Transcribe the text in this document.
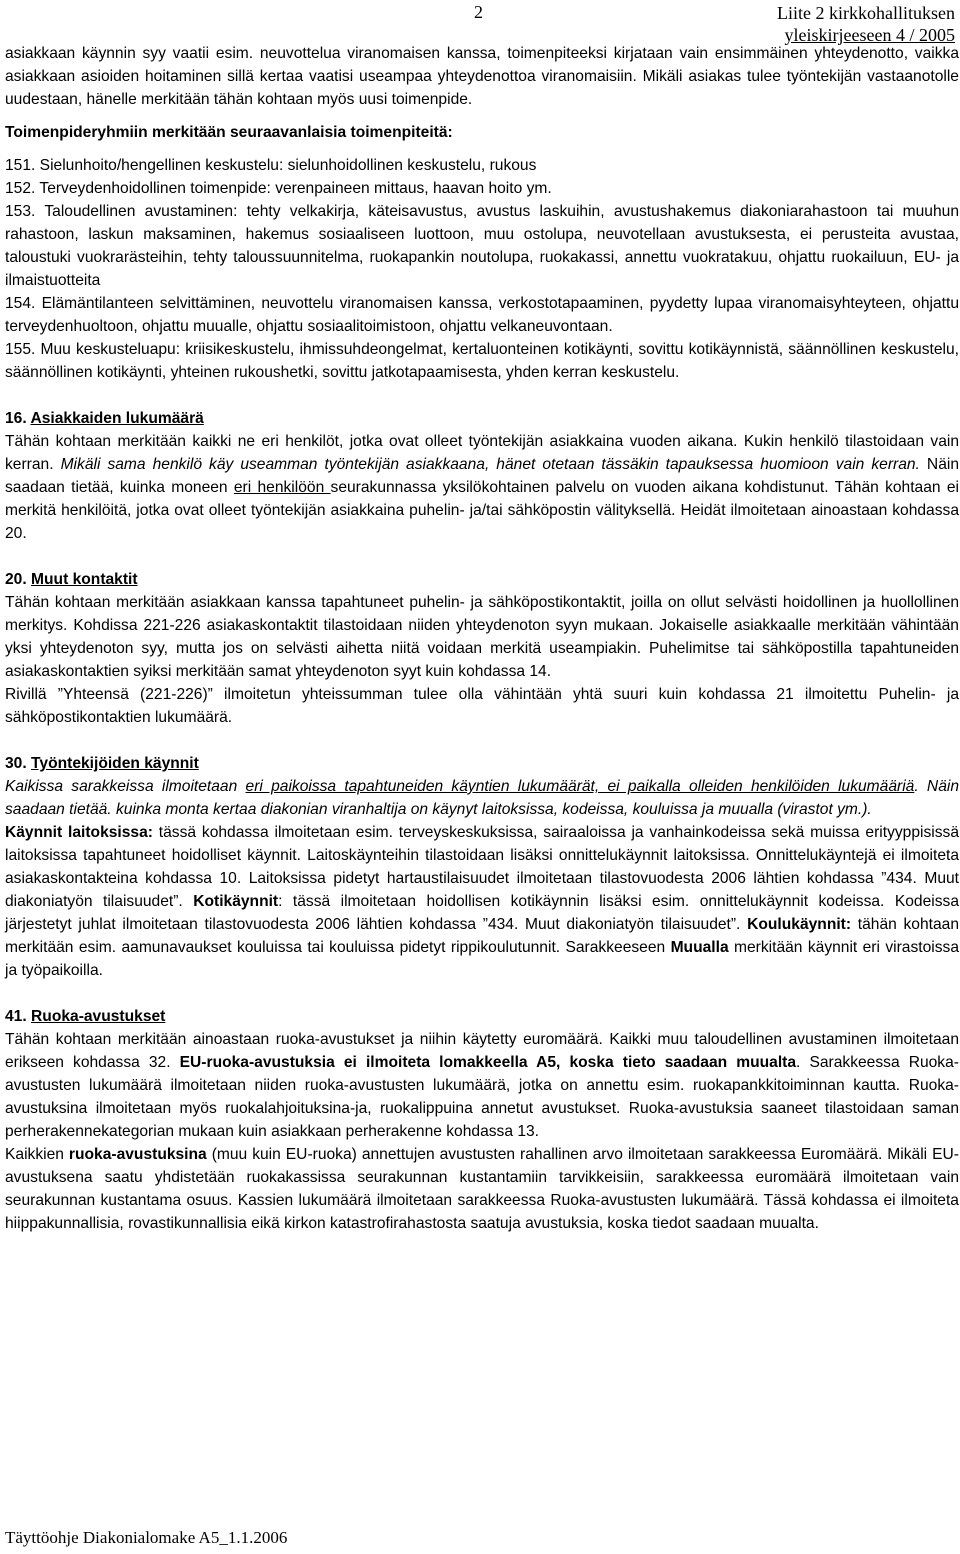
2	Liite 2 kirkkohallituksen
yleiskirjeeseen 4 / 2005

asiakkaan käynnin syy vaatii esim. neuvottelua viranomaisen kanssa, toimenpiteeksi kirjataan vain ensimmäinen yhteydenotto, vaikka asiakkaan asioiden hoitaminen sillä kertaa vaatisi useampaa yhteydenottoa viranomaisiin. Mikäli asiakas tulee työntekijän vastaanotolle uudestaan, hänelle merkitään tähän kohtaan myös uusi toimenpide.

Toimenpideryhmiin merkitään seuraavanlaisia toimenpiteitä:

151. Sielunhoito/hengellinen keskustelu: sielunhoidollinen keskustelu, rukous

152. Terveydenhoidollinen toimenpide: verenpaineen mittaus, haavan hoito ym.

153. Taloudellinen avustaminen: tehty velkakirja, käteisavustus, avustus laskuihin, avustushakemus diakoniarahastoon tai muuhun rahastoon, laskun maksaminen, hakemus sosiaaliseen luottoon, muu ostolupa, neuvotellaan avustuksesta, ei perusteita avustaa, taloustuki vuokrarästeihin, tehty taloussuunnitelma, ruokapankin noutolupa, ruokakassi, annettu vuokratakuu, ohjattu ruokailuun, EU- ja ilmaistuotteita

154. Elämäntilanteen selvittäminen, neuvottelu viranomaisen kanssa, verkostotapaaminen, pyydetty lupaa viranomaisyhteyteen, ohjattu terveydenhuoltoon, ohjattu muualle, ohjattu sosiaalitoimistoon, ohjattu velkaneuvontaan.

155. Muu keskusteluapu: kriisikeskustelu, ihmissuhdeongelmat, kertaluonteinen kotikäynti, sovittu kotikäynnistä, säännöllinen keskustelu, säännöllinen kotikäynti, yhteinen rukoushetki, sovittu jatkotapaamisesta, yhden kerran keskustelu.

16. Asiakkaiden lukumäärä

Tähän kohtaan merkitään kaikki ne eri henkilöt, jotka ovat olleet työntekijän asiakkaina vuoden aikana. Kukin henkilö tilastoidaan vain kerran. Mikäli sama henkilö käy useamman työntekijän asiakkaana, hänet otetaan tässäkin tapauksessa huomioon vain kerran. Näin saadaan tietää, kuinka moneen eri henkilöön seurakunnassa yksilökohtainen palvelu on vuoden aikana kohdistunut. Tähän kohtaan ei merkitä henkilöitä, jotka ovat olleet työntekijän asiakkaina puhelin- ja/tai sähköpostin välityksellä. Heidät ilmoitetaan ainoastaan kohdassa 20.

20. Muut kontaktit

Tähän kohtaan merkitään asiakkaan kanssa tapahtuneet puhelin- ja sähköpostikontaktit, joilla on ollut selvästi hoidollinen ja huollollinen merkitys. Kohdissa 221-226 asiakaskontaktit tilastoidaan niiden yhteydenoton syyn mukaan. Jokaiselle asiakkaalle merkitään vähintään yksi yhteydenoton syy, mutta jos on selvästi aihetta niitä voidaan merkitä useampiakin. Puhelimitse tai sähköpostilla tapahtuneiden asiakaskontaktien syiksi merkitään samat yhteydenoton syyt kuin kohdassa 14.

Rivillä ”Yhteensä (221-226)” ilmoitetun yhteissumman tulee olla vähintään yhtä suuri kuin kohdassa 21 ilmoitettu Puhelin- ja sähköpostikontaktien lukumäärä.

30. Työntekijöiden käynnit

Kaikissa sarakkeissa ilmoitetaan eri paikoissa tapahtuneiden käyntien lukumäärät, ei paikalla olleiden henkilöiden lukumääriä. Näin saadaan tietää. kuinka monta kertaa diakonian viranhaltija on käynyt laitoksissa, kodeissa, kouluissa ja muualla (virastot ym.).

Käynnit laitoksissa: tässä kohdassa ilmoitetaan esim. terveyskeskuksissa, sairaaloissa ja vanhainkodeissa sekä muissa erityyppisissä laitoksissa tapahtuneet hoidolliset käynnit. Laitoskäynteihin tilastoidaan lisäksi onnittelukäynnit laitoksissa. Onnittelukäyntejä ei ilmoiteta asiakaskontakteina kohdassa 10. Laitoksissa pidetyt hartaustilaisuudet ilmoitetaan tilastovuodesta 2006 lähtien kohdassa ”434. Muut diakoniatyön tilaisuudet”. Kotikäynnit: tässä ilmoitetaan hoidollisen kotikäynnin lisäksi esim. onnittelukäynnit kodeissa. Kodeissa järjestetyt juhlat ilmoitetaan tilastovuodesta 2006 lähtien kohdassa ”434. Muut diakoniatyön tilaisuudet”. Koulukäynnit: tähän kohtaan merkitään esim. aamunavaukset kouluissa tai kouluissa pidetyt rippikoulutunnit. Sarakkeeseen Muualla merkitään käynnit eri virastoissa ja työpaikoilla.

41. Ruoka-avustukset

Tähän kohtaan merkitään ainoastaan ruoka-avustukset ja niihin käytetty euromäärä. Kaikki muu taloudellinen avustaminen ilmoitetaan erikseen kohdassa 32. EU-ruoka-avustuksia ei ilmoiteta lomakkeella A5, koska tieto saadaan muualta. Sarakkeessa Ruoka-avustusten lukumäärä ilmoitetaan niiden ruoka-avustusten lukumäärä, jotka on annettu esim. ruokapankkitoiminnan kautta. Ruoka-avustuksina ilmoitetaan myös ruokalahjoituksina-ja, ruokalippuina annetut avustukset. Ruoka-avustuksia saaneet tilastoidaan saman perherakennekategorian mukaan kuin asiakkaan perherakenne kohdassa 13.

Kaikkien ruoka-avustuksina (muu kuin EU-ruoka) annettujen avustusten rahallinen arvo ilmoitetaan sarakkeessa Euromäärä. Mikäli EU-avustuksena saatu yhdistetään ruokakassissa seurakunnan kustantamiin tarvikkeisiin, sarakkeessa euromäärä ilmoitetaan vain seurakunnan kustantama osuus. Kassien lukumäärä ilmoitetaan sarakkeessa Ruoka-avustusten lukumäärä. Tässä kohdassa ei ilmoiteta hiippakunnallisia, rovastikunnallisia eikä kirkon katastrofirahastosta saatuja avustuksia, koska tiedot saadaan muualta.

Täyttöohje Diakonialomake A5_1.1.2006
